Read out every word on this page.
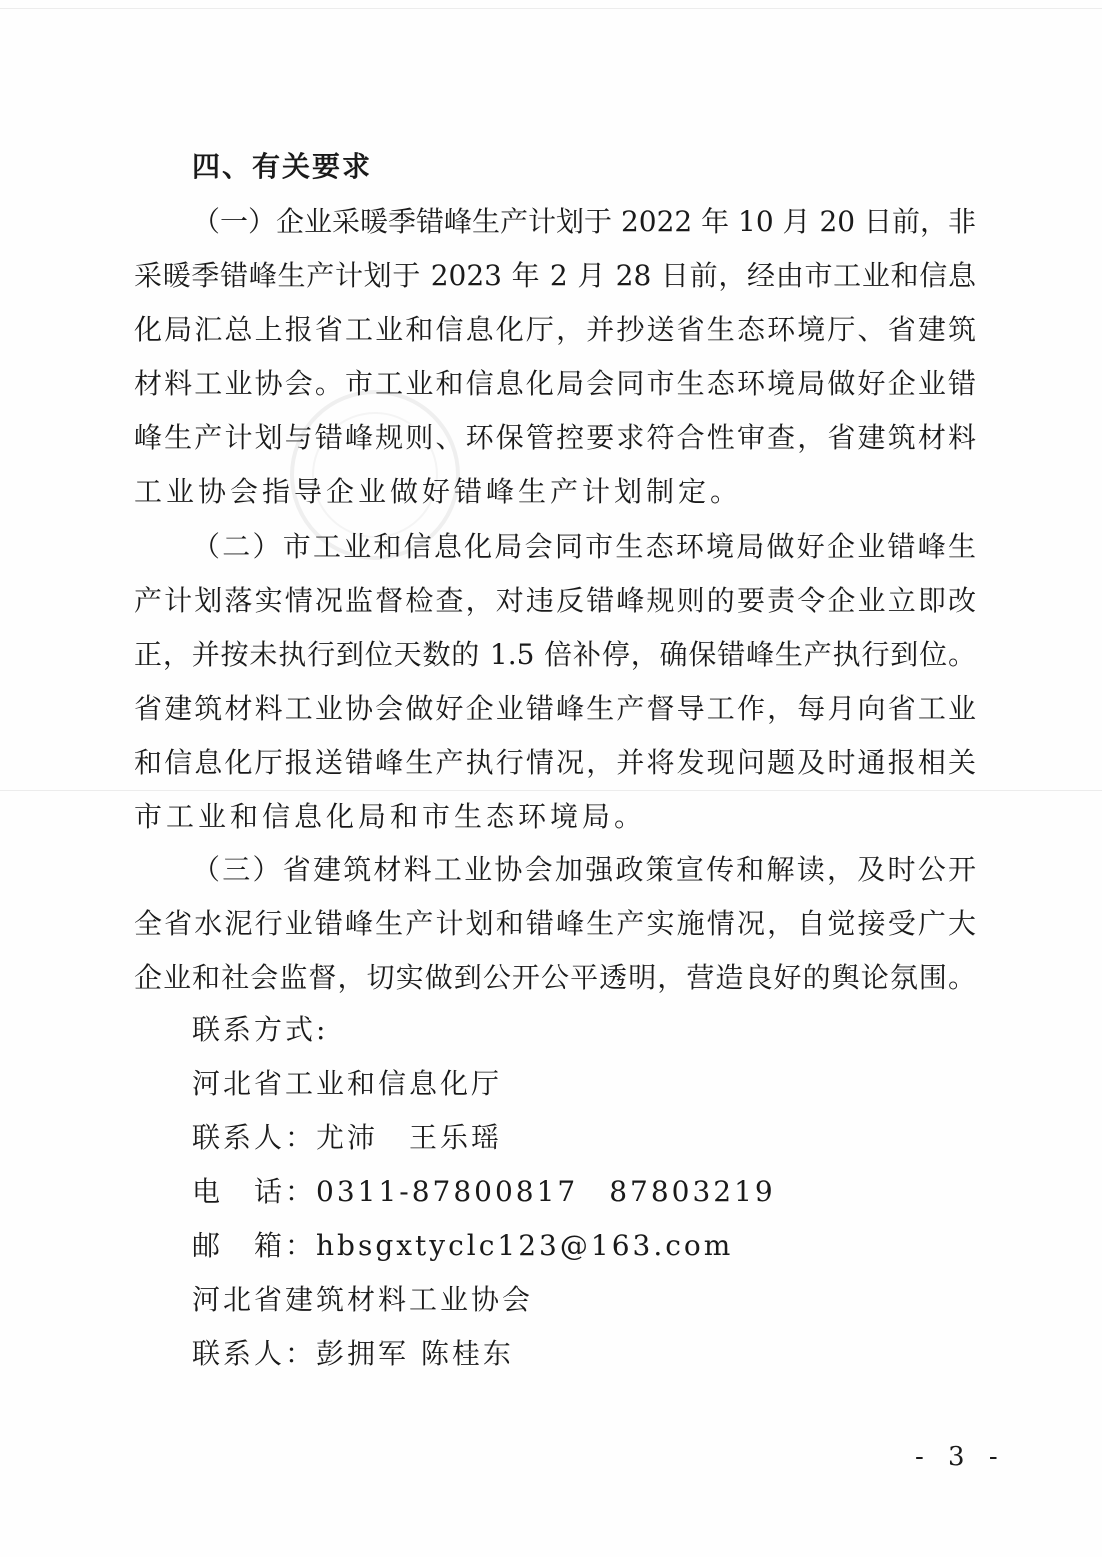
四、有关要求
（一）企业采暖季错峰生产计划于 2022 年 10 月 20 日前，非
采暖季错峰生产计划于 2023 年 2 月 28 日前，经由市工业和信息
化局汇总上报省工业和信息化厅，并抄送省生态环境厅、省建筑
材料工业协会。市工业和信息化局会同市生态环境局做好企业错
峰生产计划与错峰规则、环保管控要求符合性审查，省建筑材料
工业协会指导企业做好错峰生产计划制定。
（二）市工业和信息化局会同市生态环境局做好企业错峰生
产计划落实情况监督检查，对违反错峰规则的要责令企业立即改
正，并按未执行到位天数的 1.5 倍补停，确保错峰生产执行到位。
省建筑材料工业协会做好企业错峰生产督导工作，每月向省工业
和信息化厅报送错峰生产执行情况，并将发现问题及时通报相关
市工业和信息化局和市生态环境局。
（三）省建筑材料工业协会加强政策宣传和解读，及时公开
全省水泥行业错峰生产计划和错峰生产实施情况，自觉接受广大
企业和社会监督，切实做到公开公平透明，营造良好的舆论氛围。
联系方式:
河北省工业和信息化厅
联系人：尤沛　王乐瑶
电　话：0311-87800817　87803219
邮　箱：hbsgxtyclc123@163.com
河北省建筑材料工业协会
联系人：彭拥军 陈桂东
- 3 -
